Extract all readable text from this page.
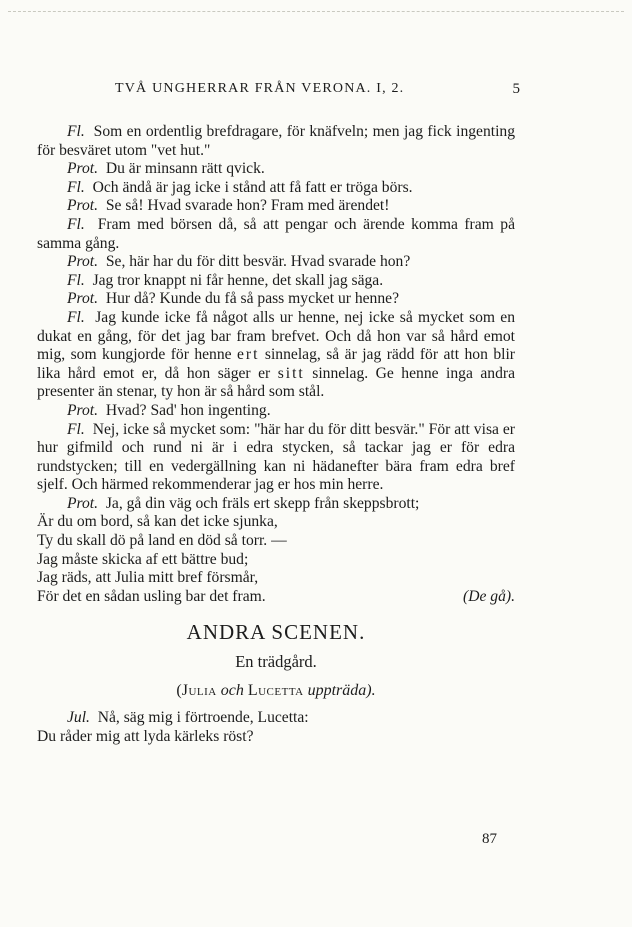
TVÅ UNGHERRAR FRÅN VERONA. I, 2.	5
Fl. Som en ordentlig brefdragare, för knäfveln; men jag fick ingenting för besväret utom "vet hut."
Prot. Du är minsann rätt qvick.
Fl. Och ändå är jag icke i stånd att få fatt er tröga börs.
Prot. Se så! Hvad svarade hon? Fram med ärendet!
Fl. Fram med börsen då, så att pengar och ärende komma fram på samma gång.
Prot. Se, här har du för ditt besvär. Hvad svarade hon?
Fl. Jag tror knappt ni får henne, det skall jag säga.
Prot. Hur då? Kunde du få så pass mycket ur henne?
Fl. Jag kunde icke få något alls ur henne, nej icke så mycket som en dukat en gång, för det jag bar fram brefvet. Och då hon var så hård emot mig, som kungjorde för henne ert sinnelag, så är jag rädd för att hon blir lika hård emot er, då hon säger er sitt sinnelag. Ge henne inga andra presenter än stenar, ty hon är så hård som stål.
Prot. Hvad? Sad' hon ingenting.
Fl. Nej, icke så mycket som: "här har du för ditt besvär." För att visa er hur gifmild och rund ni är i edra stycken, så tackar jag er för edra rundstycken; till en vedergällning kan ni hädanefter bära fram edra bref sjelf. Och härmed rekommenderar jag er hos min herre.
Prot. Ja, gå din väg och fräls ert skepp från skeppsbrott;
Är du om bord, så kan det icke sjunka,
Ty du skall dö på land en död så torr. —
Jag måste skicka af ett bättre bud;
Jag räds, att Julia mitt bref försmår,
För det en sådan usling bar det fram.	(De gå).
ANDRA SCENEN.
En trädgård.
(Julia och Lucetta uppträda).
Jul. Nå, säg mig i förtroende, Lucetta:
Du råder mig att lyda kärleks röst?
87
